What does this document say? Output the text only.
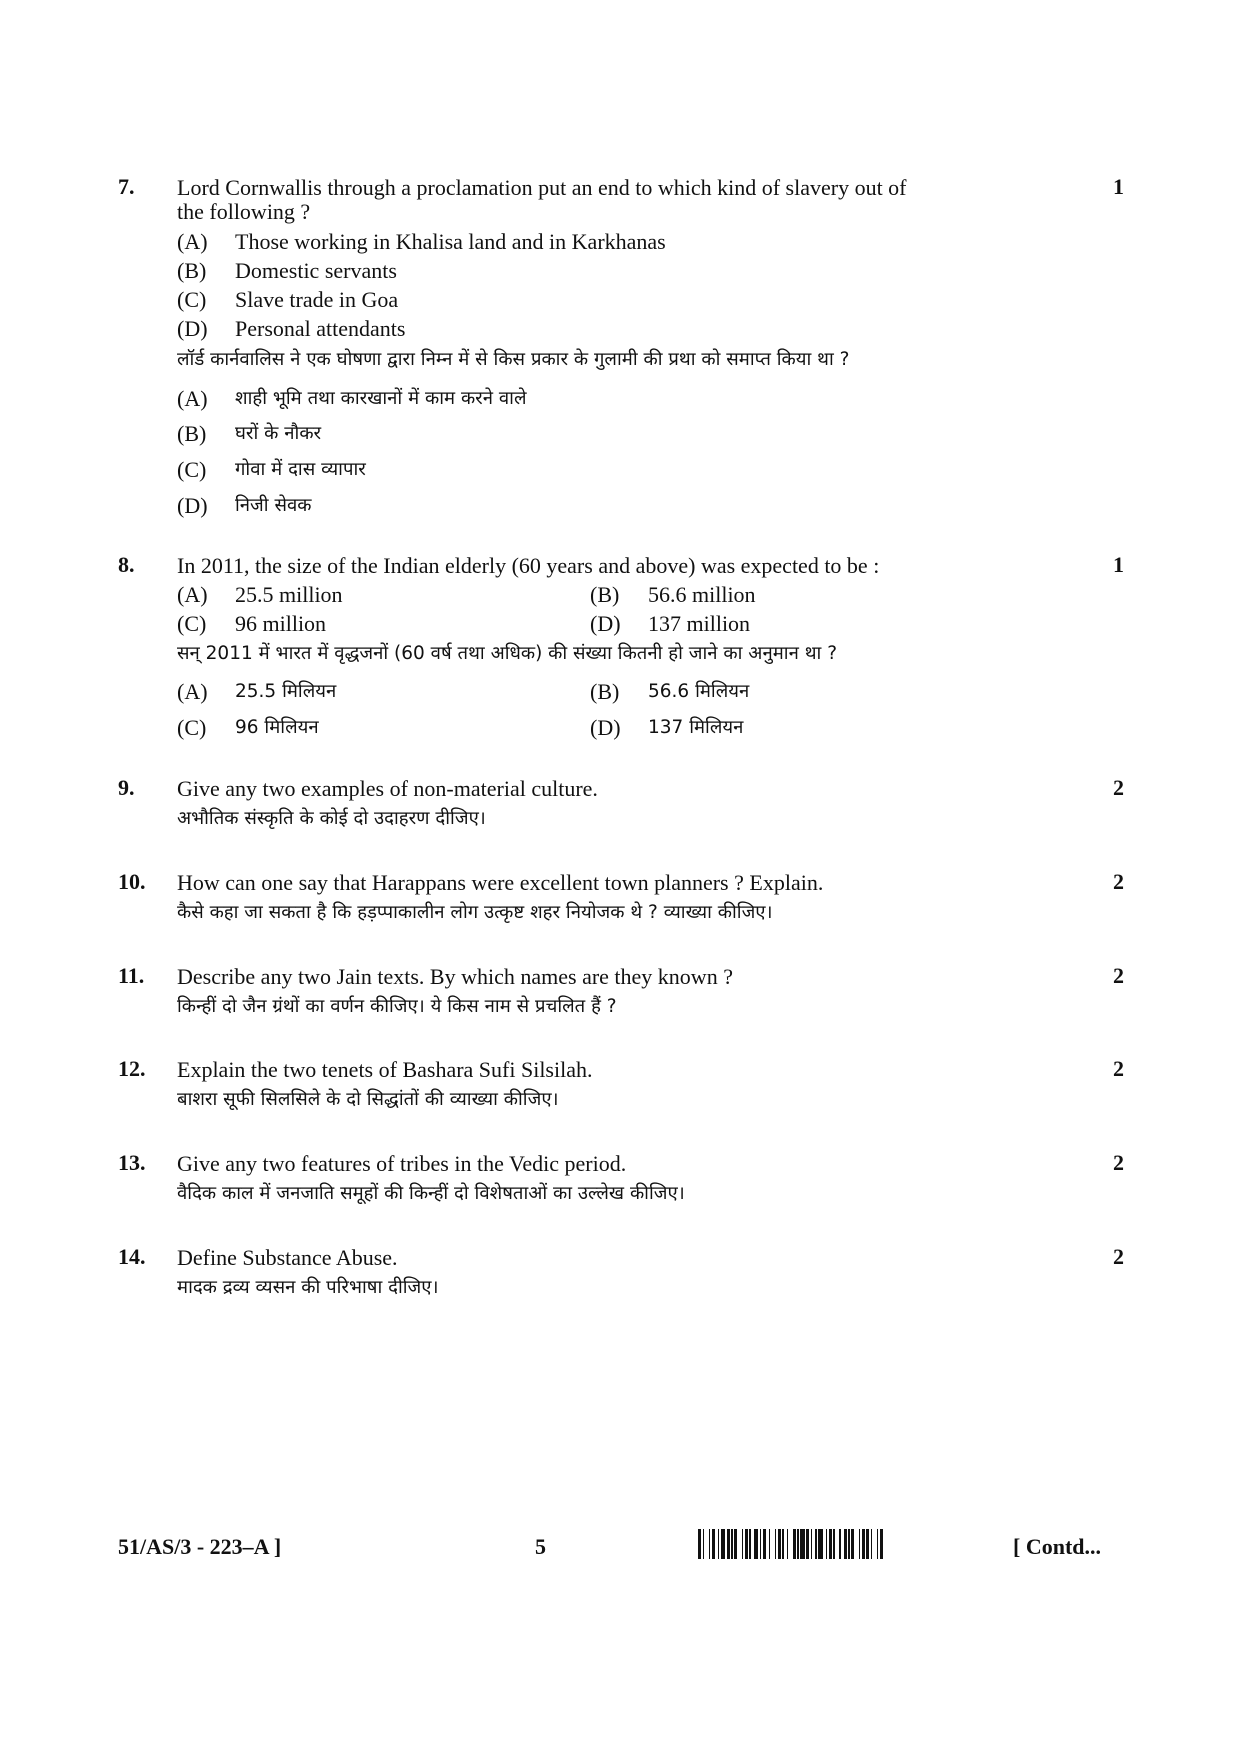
7.	1
Lord Cornwallis through a proclamation put an end to which kind of slavery out of
the following ?
(A) Those working in Khalisa land and in Karkhanas
(B) Domestic servants
(C) Slave trade in Goa
(D) Personal attendants
लॉर्ड कार्नवालिस ने एक घोषणा द्वारा निम्न में से किस प्रकार के गुलामी की प्रथा को समाप्त किया था ?
(A) शाही भूमि तथा कारखानों में काम करने वाले
(B) घरों के नौकर
(C) गोवा में दास व्यापार
(D) निजी सेवक
8.	1
In 2011, the size of the Indian elderly (60 years and above) was expected to be :
(A) 25.5 million	(B) 56.6 million
(C) 96 million	(D) 137 million
सन् 2011 में भारत में वृद्धजनों (60 वर्ष तथा अधिक) की संख्या कितनी हो जाने का अनुमान था ?
(A) 25.5 मिलियन	(B) 56.6 मिलियन
(C) 96 मिलियन	(D) 137 मिलियन
9.	2
Give any two examples of non-material culture.
अभौतिक संस्कृति के कोई दो उदाहरण दीजिए।
10.	2
How can one say that Harappans were excellent town planners ? Explain.
कैसे कहा जा सकता है कि हड़प्पाकालीन लोग उत्कृष्ट शहर नियोजक थे ? व्याख्या कीजिए।
11.	2
Describe any two Jain texts. By which names are they known ?
किन्हीं दो जैन ग्रंथों का वर्णन कीजिए। ये किस नाम से प्रचलित हैं ?
12.	2
Explain the two tenets of Bashara Sufi Silsilah.
बाशरा सूफी सिलसिले के दो सिद्धांतों की व्याख्या कीजिए।
13.	2
Give any two features of tribes in the Vedic period.
वैदिक काल में जनजाति समूहों की किन्हीं दो विशेषताओं का उल्लेख कीजिए।
14.	2
Define Substance Abuse.
मादक द्रव्य व्यसन की परिभाषा दीजिए।
51/AS/3 - 223–A ]	5	[ Contd...
